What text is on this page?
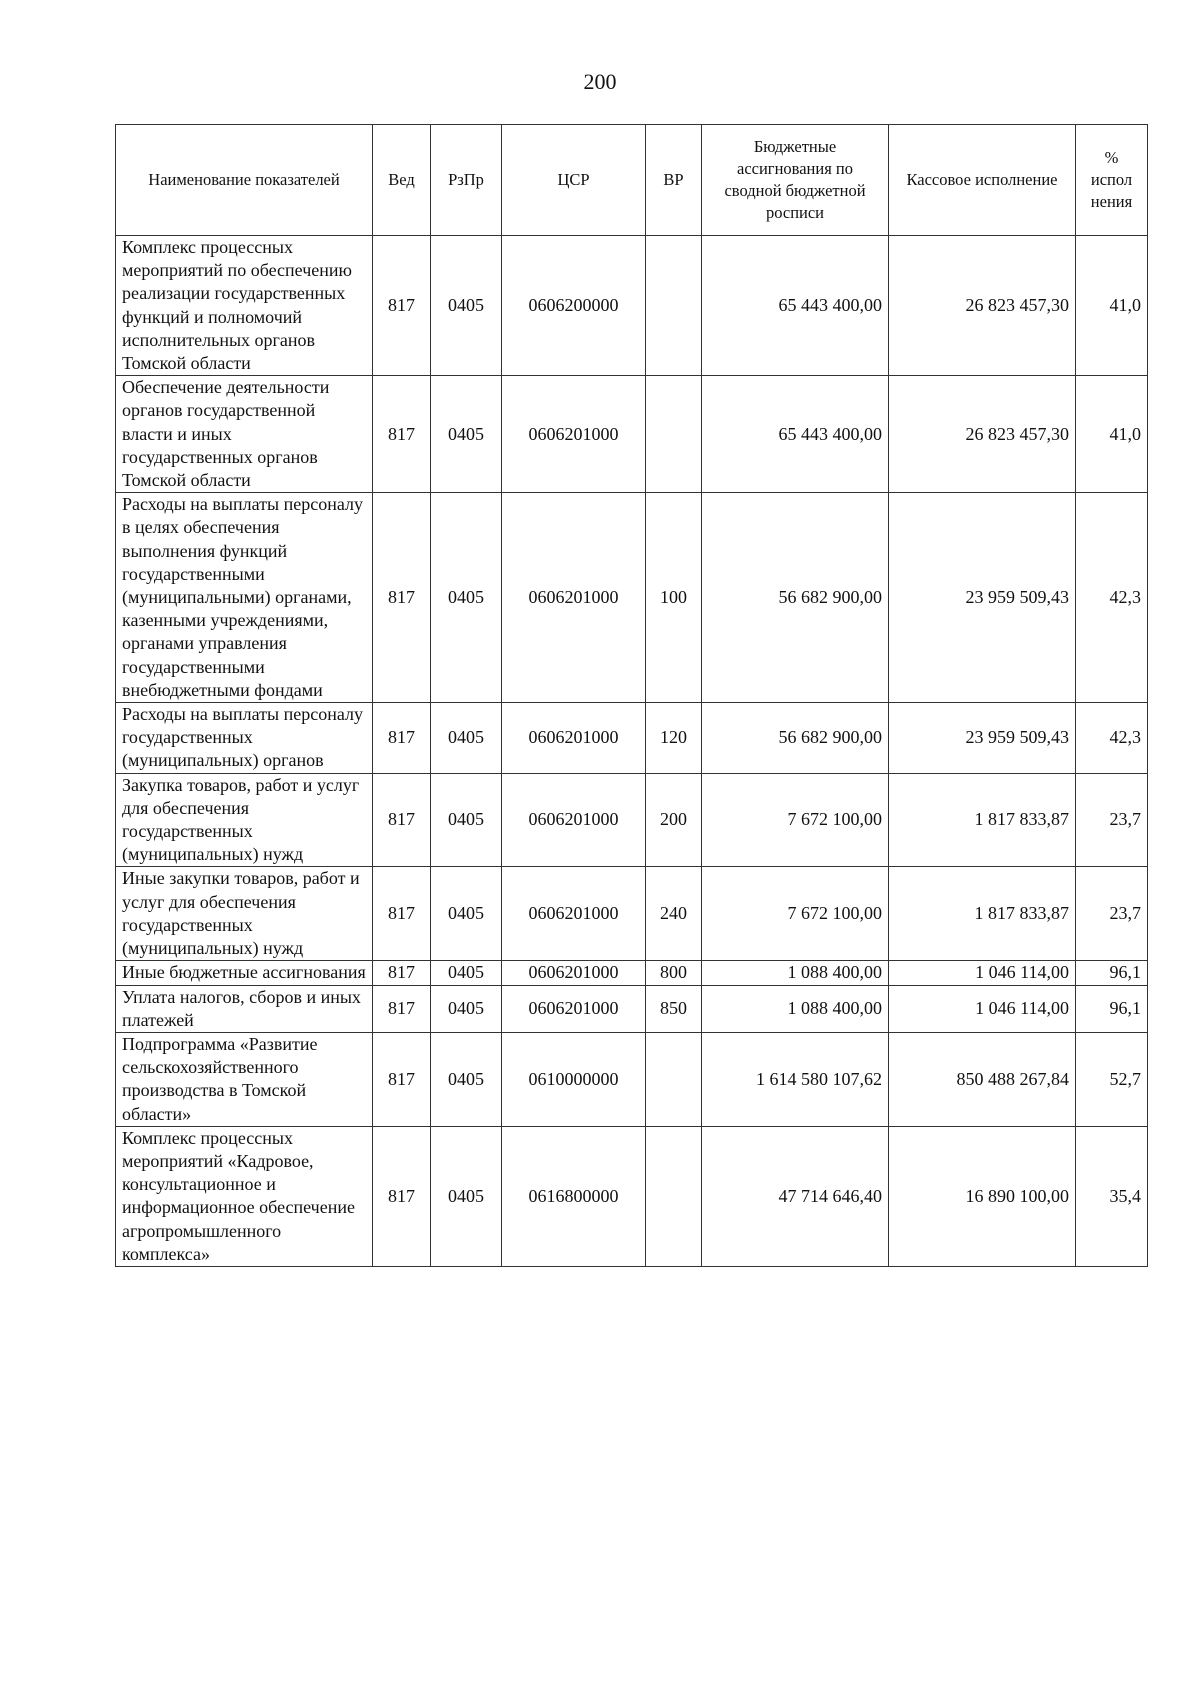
200
Наименование показателей	Вед	РзПр	ЦСР	ВР	Бюджетные ассигнования по сводной бюджетной росписи	Кассовое исполнение	% испол нения
Комплекс процессных мероприятий по обеспечению реализации государственных функций и полномочий исполнительных органов Томской области	817	0405	0606200000		65 443 400,00	26 823 457,30	41,0
Обеспечение деятельности органов государственной власти и иных государственных органов Томской области	817	0405	0606201000		65 443 400,00	26 823 457,30	41,0
Расходы на выплаты персоналу в целях обеспечения выполнения функций государственными (муниципальными) органами, казенными учреждениями, органами управления государственными внебюджетными фондами	817	0405	0606201000	100	56 682 900,00	23 959 509,43	42,3
Расходы на выплаты персоналу государственных (муниципальных) органов	817	0405	0606201000	120	56 682 900,00	23 959 509,43	42,3
Закупка товаров, работ и услуг для обеспечения государственных (муниципальных) нужд	817	0405	0606201000	200	7 672 100,00	1 817 833,87	23,7
Иные закупки товаров, работ и услуг для обеспечения государственных (муниципальных) нужд	817	0405	0606201000	240	7 672 100,00	1 817 833,87	23,7
Иные бюджетные ассигнования	817	0405	0606201000	800	1 088 400,00	1 046 114,00	96,1
Уплата налогов, сборов и иных платежей	817	0405	0606201000	850	1 088 400,00	1 046 114,00	96,1
Подпрограмма «Развитие сельскохозяйственного производства в Томской области»	817	0405	0610000000		1 614 580 107,62	850 488 267,84	52,7
Комплекс процессных мероприятий «Кадровое, консультационное и информационное обеспечение агропромышленного комплекса»	817	0405	0616800000		47 714 646,40	16 890 100,00	35,4
